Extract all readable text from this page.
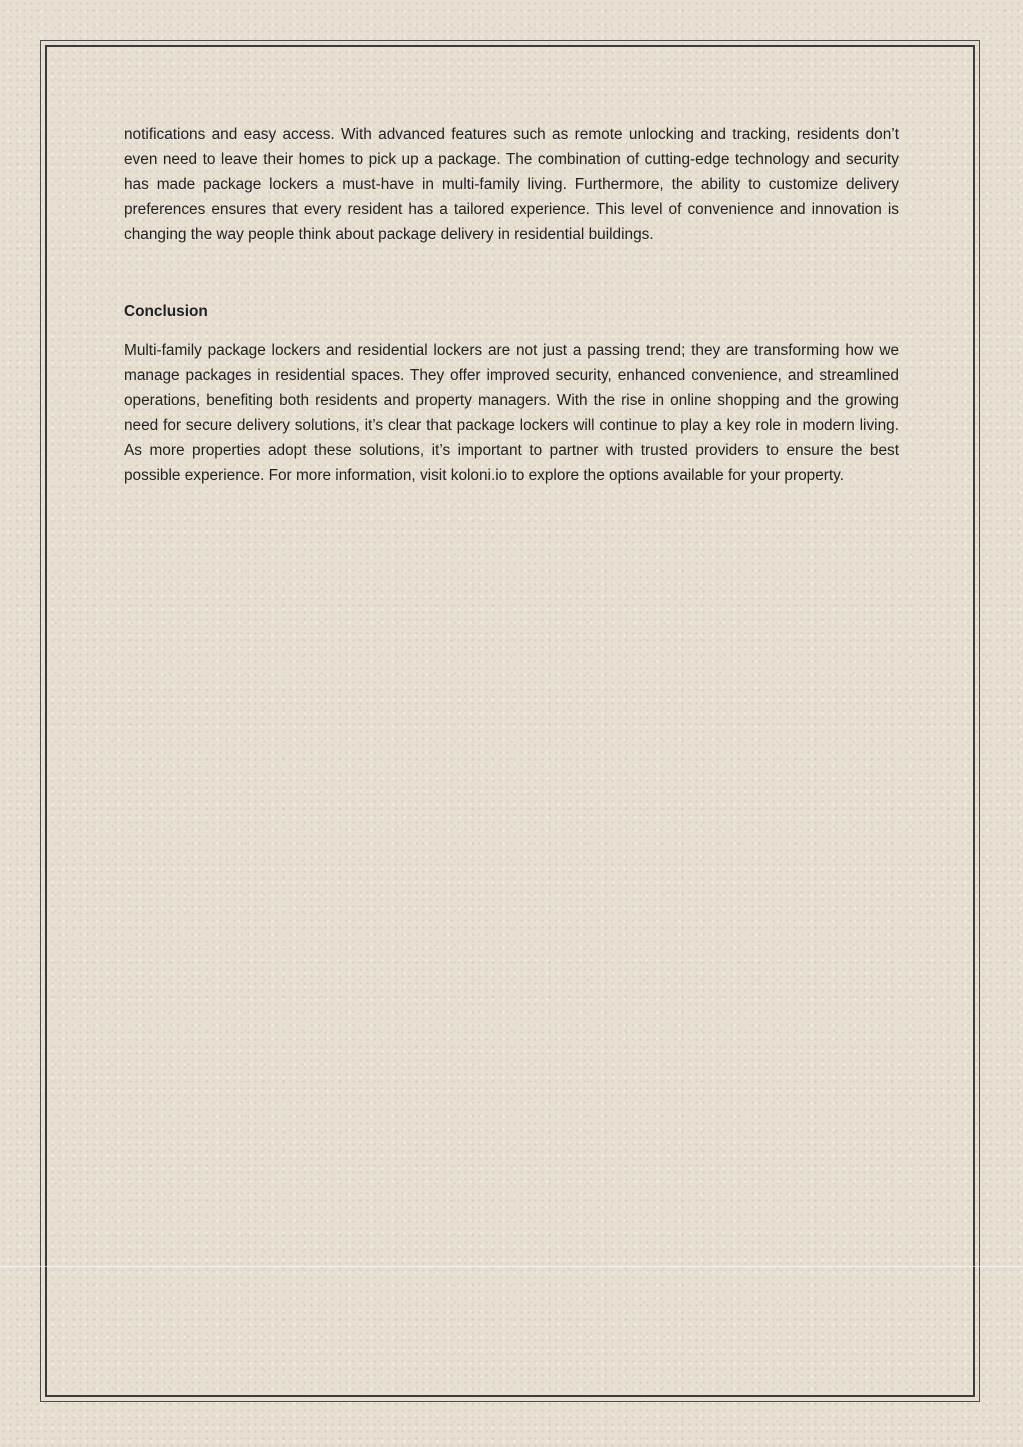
notifications and easy access. With advanced features such as remote unlocking and tracking, residents don’t even need to leave their homes to pick up a package. The combination of cutting-edge technology and security has made package lockers a must-have in multi-family living. Furthermore, the ability to customize delivery preferences ensures that every resident has a tailored experience. This level of convenience and innovation is changing the way people think about package delivery in residential buildings.

Conclusion

Multi-family package lockers and residential lockers are not just a passing trend; they are transforming how we manage packages in residential spaces. They offer improved security, enhanced convenience, and streamlined operations, benefiting both residents and property managers. With the rise in online shopping and the growing need for secure delivery solutions, it’s clear that package lockers will continue to play a key role in modern living. As more properties adopt these solutions, it’s important to partner with trusted providers to ensure the best possible experience. For more information, visit koloni.io to explore the options available for your property.
